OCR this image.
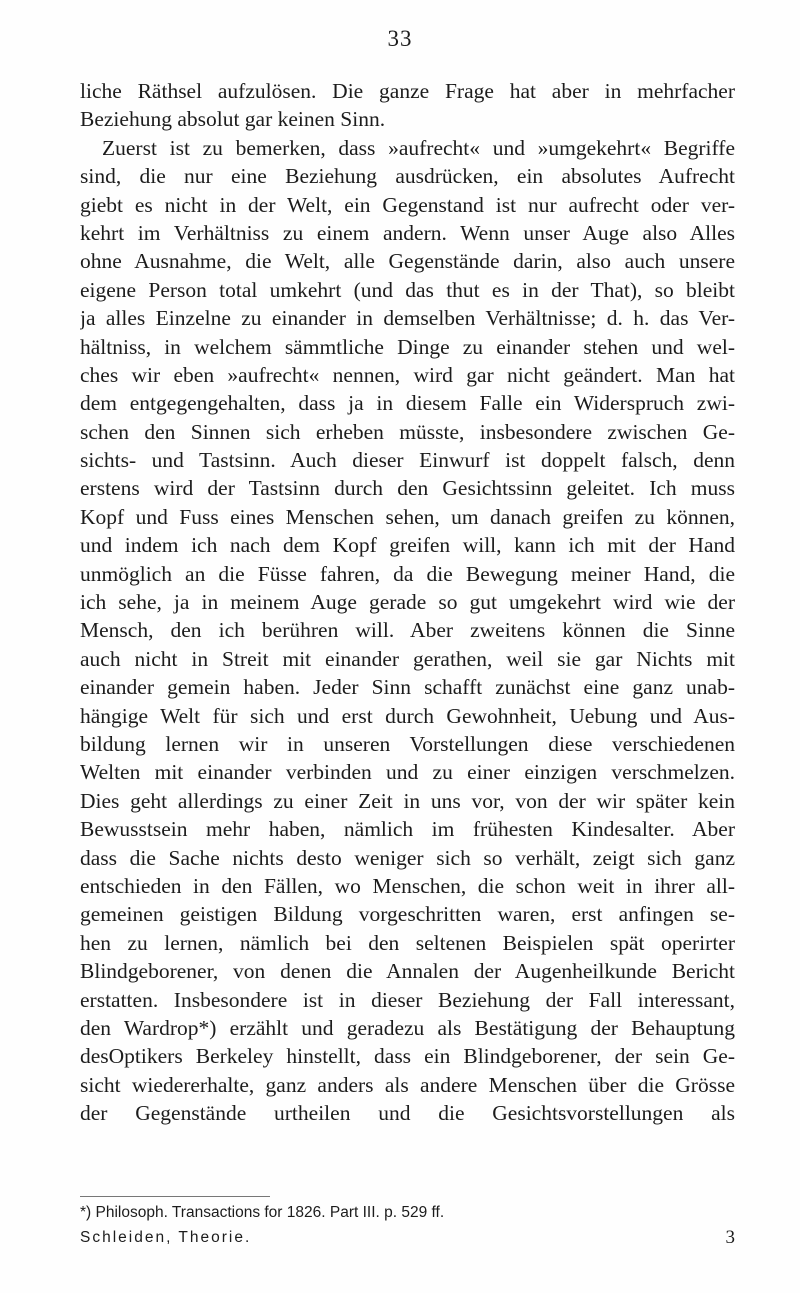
33
liche Räthsel aufzulösen. Die ganze Frage hat aber in mehrfacher
Beziehung absolut gar keinen Sinn.
Zuerst ist zu bemerken, dass »aufrecht« und »umgekehrt« Begriffe
sind, die nur eine Beziehung ausdrücken, ein absolutes Aufrecht
giebt es nicht in der Welt, ein Gegenstand ist nur aufrecht oder ver-
kehrt im Verhältniss zu einem andern. Wenn unser Auge also Alles
ohne Ausnahme, die Welt, alle Gegenstände darin, also auch unsere
eigene Person total umkehrt (und das thut es in der That), so bleibt
ja alles Einzelne zu einander in demselben Verhältnisse; d. h. das Ver-
hältniss, in welchem sämmtliche Dinge zu einander stehen und wel-
ches wir eben »aufrecht« nennen, wird gar nicht geändert. Man hat
dem entgegengehalten, dass ja in diesem Falle ein Widerspruch zwi-
schen den Sinnen sich erheben müsste, insbesondere zwischen Ge-
sichts- und Tastsinn. Auch dieser Einwurf ist doppelt falsch, denn
erstens wird der Tastsinn durch den Gesichtssinn geleitet. Ich muss
Kopf und Fuss eines Menschen sehen, um danach greifen zu können,
und indem ich nach dem Kopf greifen will, kann ich mit der Hand
unmöglich an die Füsse fahren, da die Bewegung meiner Hand, die
ich sehe, ja in meinem Auge gerade so gut umgekehrt wird wie der
Mensch, den ich berühren will. Aber zweitens können die Sinne
auch nicht in Streit mit einander gerathen, weil sie gar Nichts mit
einander gemein haben. Jeder Sinn schafft zunächst eine ganz unab-
hängige Welt für sich und erst durch Gewohnheit, Uebung und Aus-
bildung lernen wir in unseren Vorstellungen diese verschiedenen
Welten mit einander verbinden und zu einer einzigen verschmelzen.
Dies geht allerdings zu einer Zeit in uns vor, von der wir später kein
Bewusstsein mehr haben, nämlich im frühesten Kindesalter. Aber
dass die Sache nichts desto weniger sich so verhält, zeigt sich ganz
entschieden in den Fällen, wo Menschen, die schon weit in ihrer all-
gemeinen geistigen Bildung vorgeschritten waren, erst anfingen se-
hen zu lernen, nämlich bei den seltenen Beispielen spät operirter
Blindgeborener, von denen die Annalen der Augenheilkunde Bericht
erstatten. Insbesondere ist in dieser Beziehung der Fall interessant,
den Wardrop*) erzählt und geradezu als Bestätigung der Behauptung
desOptikers Berkeley hinstellt, dass ein Blindgeborener, der sein Ge-
sicht wiedererhalte, ganz anders als andere Menschen über die Grösse
der Gegenstände urtheilen und die Gesichtsvorstellungen als
*) Philosoph. Transactions for 1826. Part III. p. 529 ff.
Schleiden, Theorie.	3
